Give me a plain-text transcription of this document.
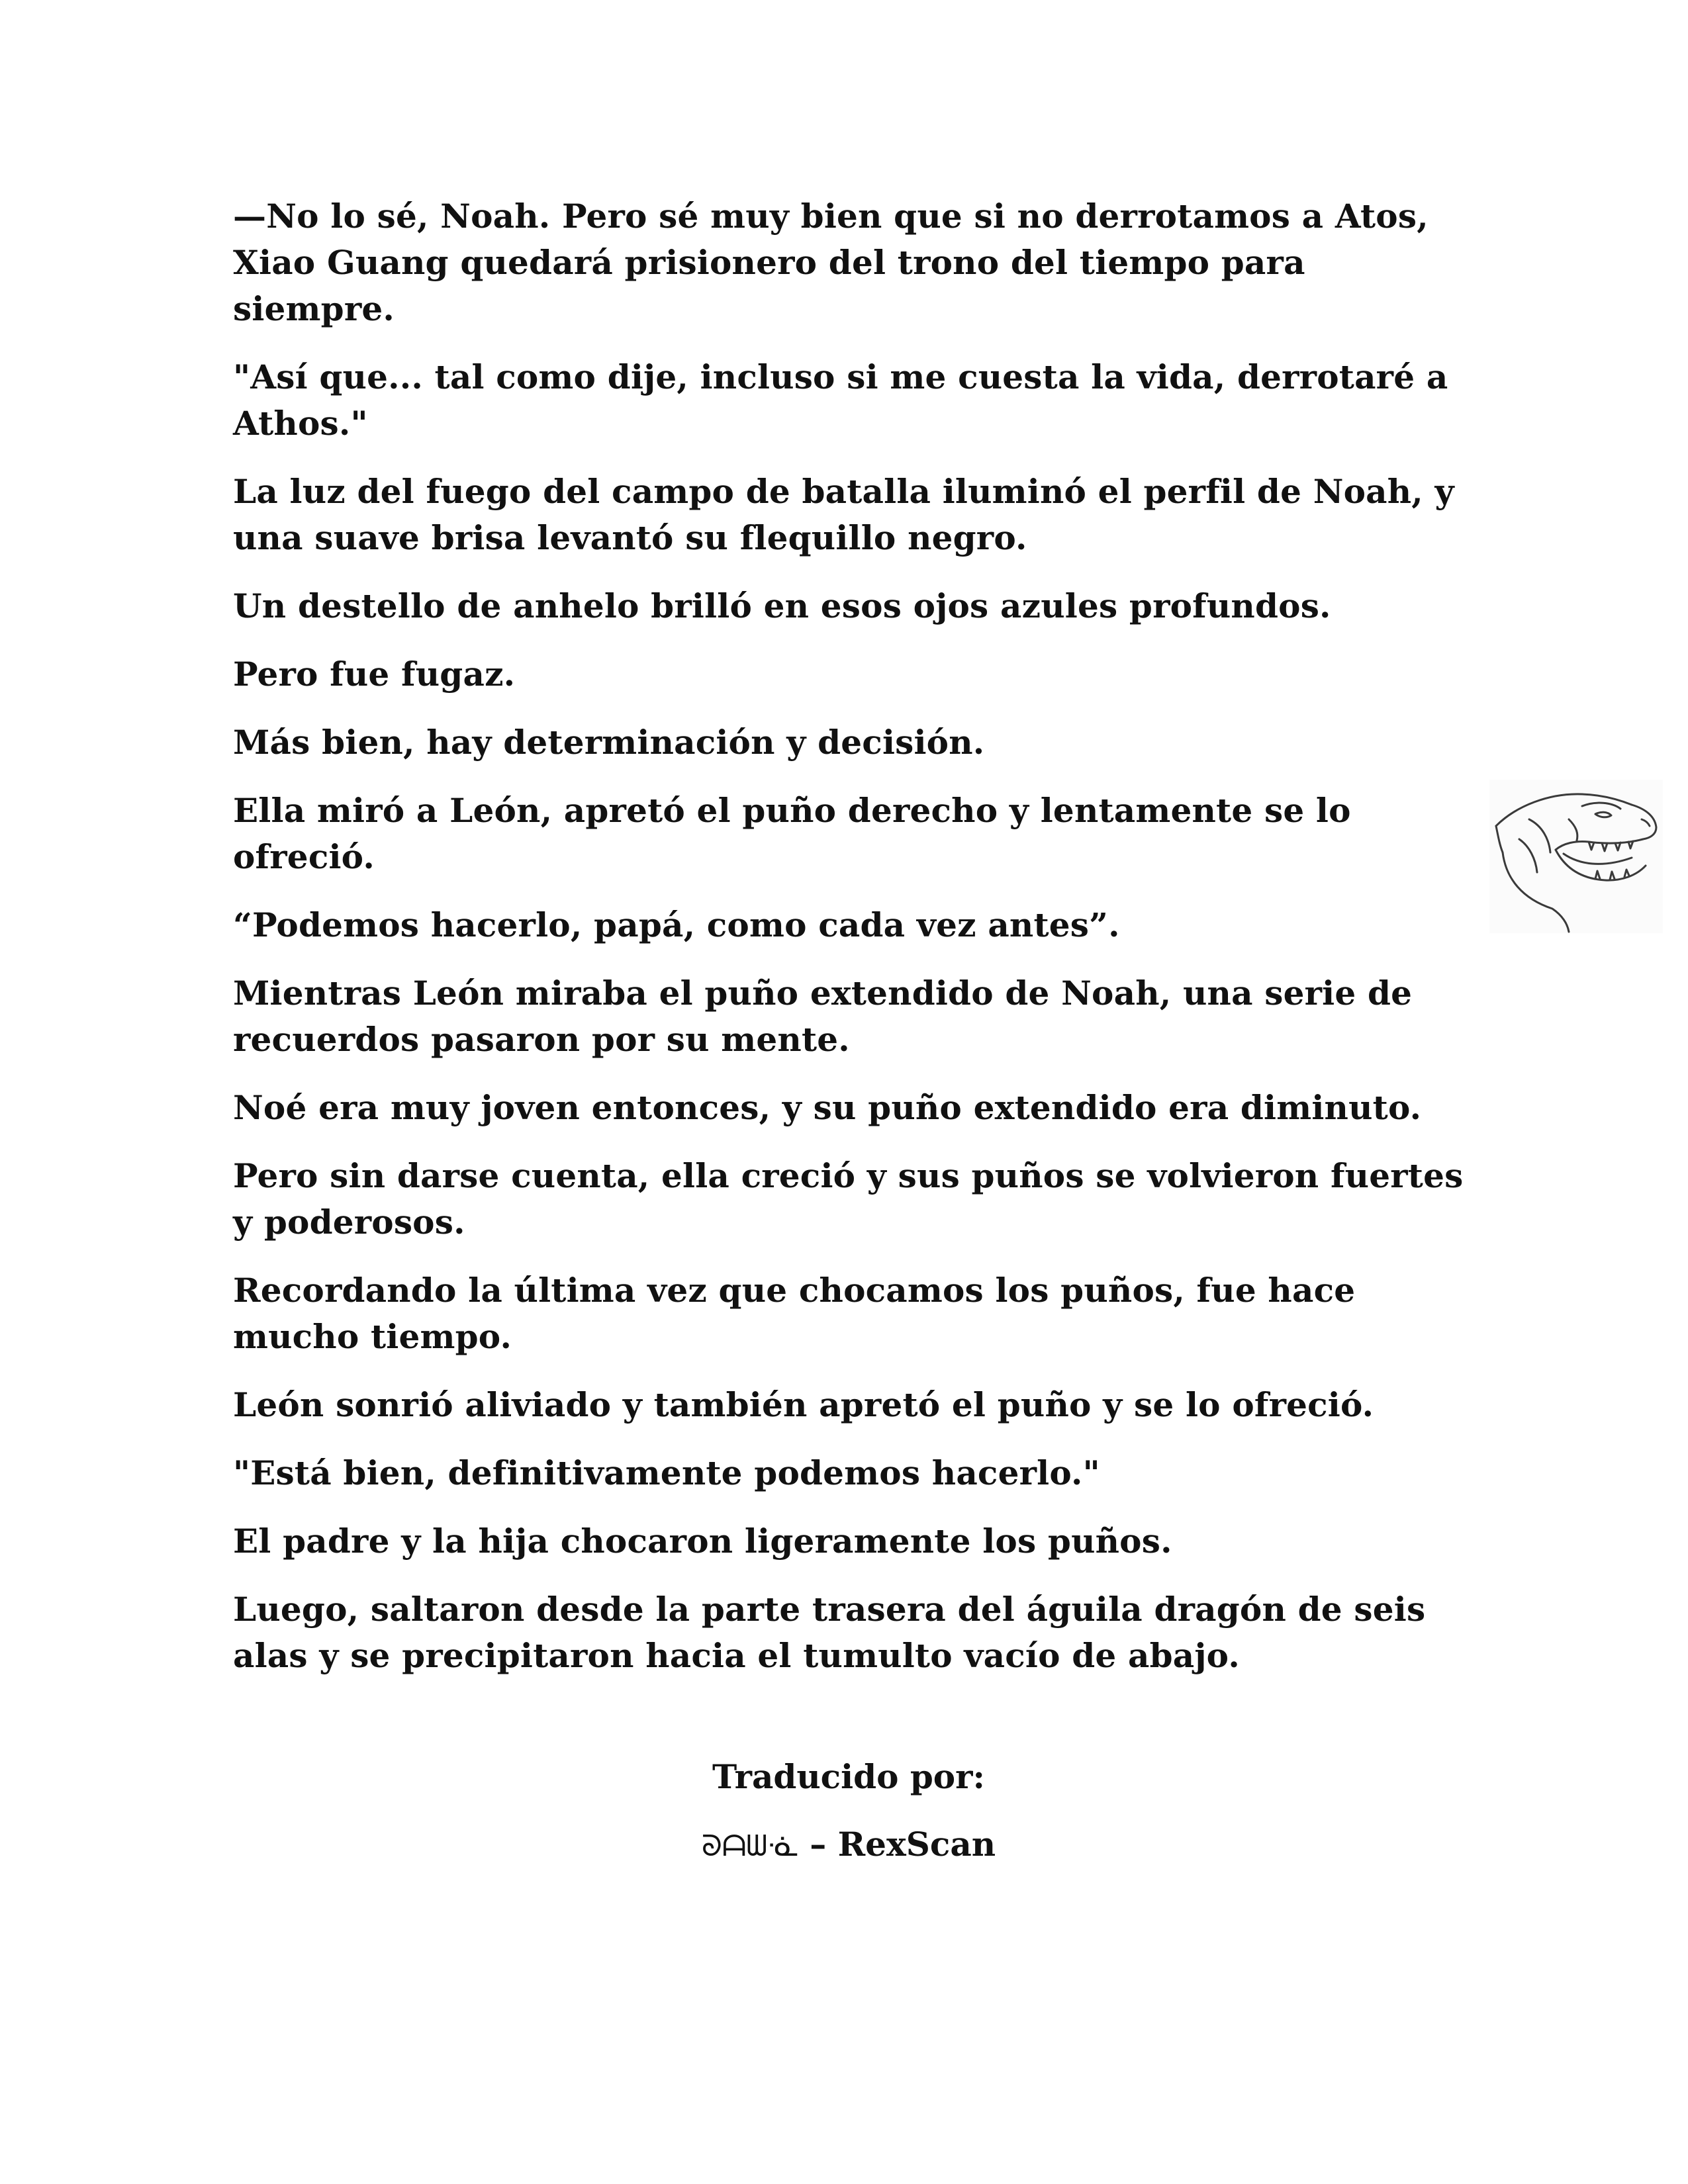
—No lo sé, Noah. Pero sé muy bien que si no derrotamos a Atos, Xiao Guang quedará prisionero del trono del tiempo para siempre.

"Así que... tal como dije, incluso si me cuesta la vida, derrotaré a Athos."

La luz del fuego del campo de batalla iluminó el perfil de Noah, y una suave brisa levantó su flequillo negro.

Un destello de anhelo brilló en esos ojos azules profundos.

Pero fue fugaz.

Más bien, hay determinación y decisión.

Ella miró a León, apretó el puño derecho y lentamente se lo ofreció.

“Podemos hacerlo, papá, como cada vez antes”.

Mientras León miraba el puño extendido de Noah, una serie de recuerdos pasaron por su mente.

Noé era muy joven entonces, y su puño extendido era diminuto.

Pero sin darse cuenta, ella creció y sus puños se volvieron fuertes y poderosos.

Recordando la última vez que chocamos los puños, fue hace mucho tiempo.

León sonrió aliviado y también apretó el puño y se lo ofreció.

"Está bien, definitivamente podemos hacerlo."

El padre y la hija chocaron ligeramente los puños.

Luego, saltaron desde la parte trasera del águila dragón de seis alas y se precipitaron hacia el tumulto vacío de abajo.

Traducido por:
ᘐᗩᗯᓍ – RexScan
